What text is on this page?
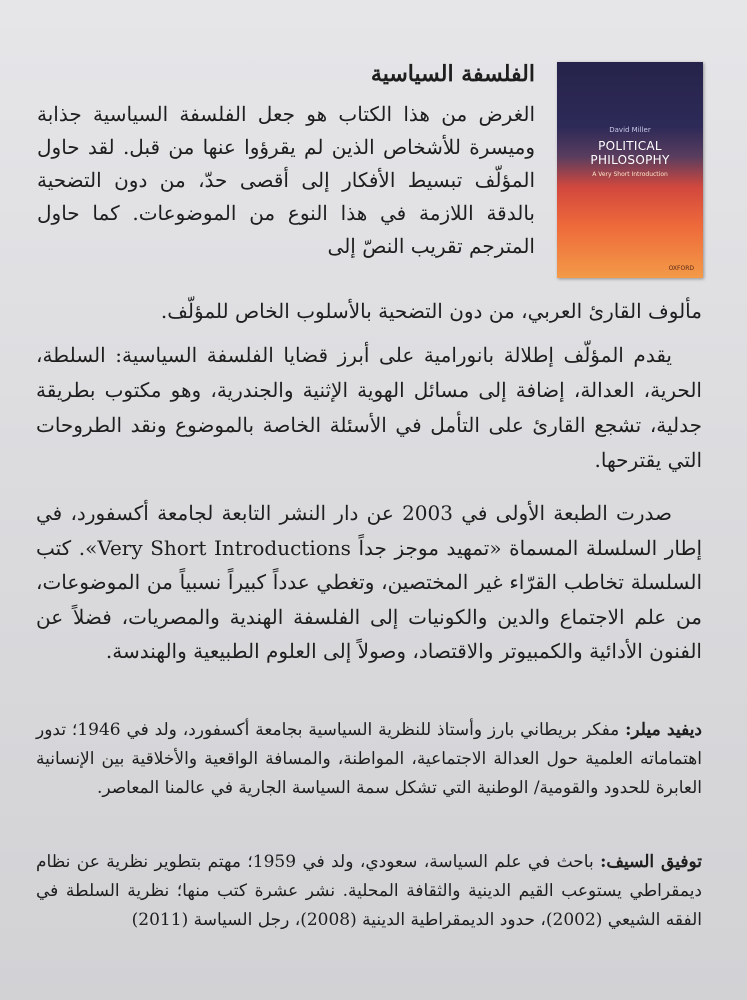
David Miller
POLITICAL
PHILOSOPHY
A Very Short Introduction
OXFORD
الفلسفة السياسية

الغرض من هذا الكتاب هو جعل الفلسفة السياسية جذابة وميسرة للأشخاص الذين لم يقرؤوا عنها من قبل. لقد حاول المؤلّف تبسيط الأفكار إلى أقصى حدّ، من دون التضحية بالدقة اللازمة في هذا النوع من الموضوعات. كما حاول المترجم تقريب النصّ إلى

مألوف القارئ العربي، من دون التضحية بالأسلوب الخاص للمؤلّف.

يقدم المؤلّف إطلالة بانورامية على أبرز قضايا الفلسفة السياسية: السلطة، الحرية، العدالة، إضافة إلى مسائل الهوية الإثنية والجندرية، وهو مكتوب بطريقة جدلية، تشجع القارئ على التأمل في الأسئلة الخاصة بالموضوع ونقد الطروحات التي يقترحها.

صدرت الطبعة الأولى في 2003 عن دار النشر التابعة لجامعة أكسفورد، في إطار السلسلة المسماة «تمهيد موجز جداً Very Short Introductions». كتب السلسلة تخاطب القرّاء غير المختصين، وتغطي عدداً كبيراً نسبياً من الموضوعات، من علم الاجتماع والدين والكونيات إلى الفلسفة الهندية والمصريات، فضلاً عن الفنون الأدائية والكمبيوتر والاقتصاد، وصولاً إلى العلوم الطبيعية والهندسة.

ديفيد ميلر: مفكر بريطاني بارز وأستاذ للنظرية السياسية بجامعة أكسفورد، ولد في 1946؛ تدور اهتماماته العلمية حول العدالة الاجتماعية، المواطنة، والمسافة الواقعية والأخلاقية بين الإنسانية العابرة للحدود والقومية/ الوطنية التي تشكل سمة السياسة الجارية في عالمنا المعاصر.

توفيق السيف: باحث في علم السياسة، سعودي، ولد في 1959؛ مهتم بتطوير نظرية عن نظام ديمقراطي يستوعب القيم الدينية والثقافة المحلية. نشر عشرة كتب منها؛ نظرية السلطة في الفقه الشيعي (2002)، حدود الديمقراطية الدينية (2008)، رجل السياسة (2011)
